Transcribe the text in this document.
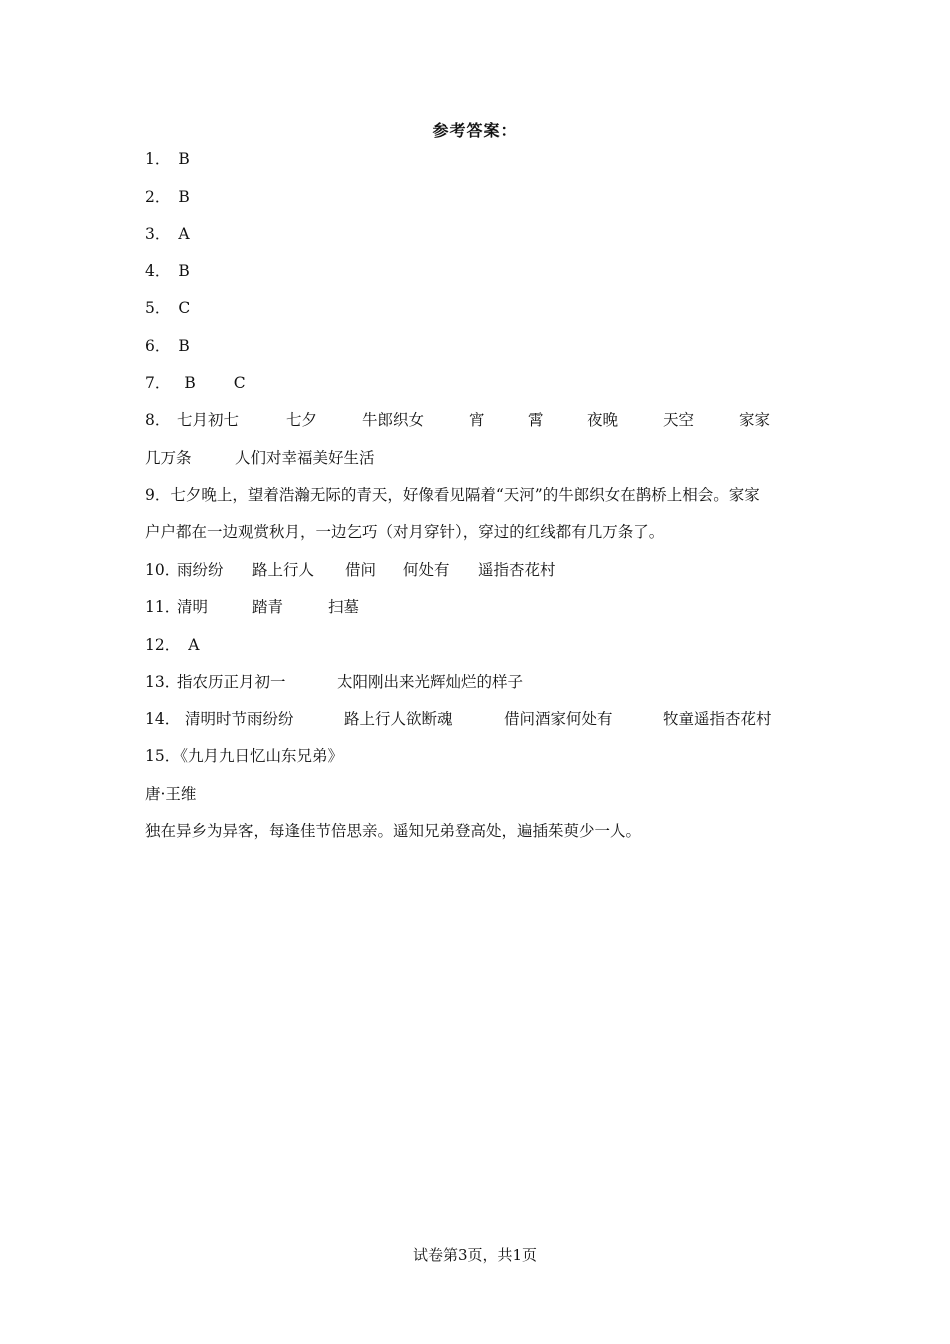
参考答案：
1． B
2． B
3． A
4． B
5． C
6． B
7． B C
8． 七月初七	七夕	牛郎织女	宵	霄	夜晚	天空	家家
几万条	人们对幸福美好生活
9．七夕晚上，望着浩瀚无际的青天，好像看见隔着“天河”的牛郎织女在鹊桥上相会。家家
户户都在一边观赏秋月，一边乞巧（对月穿针），穿过的红线都有几万条了。
10．
雨纷纷 路上行人 借问 何处有 遥指杏花村
11．
清明	踏青	扫墓
12． A
13．
指农历正月初一	太阳刚出来光辉灿烂的样子
14． 清明时节雨纷纷	路上行人欲断魂	借问酒家何处有	牧童遥指杏花村
15．《九月九日忆山东兄弟》
唐·王维
独在异乡为异客，每逢佳节倍思亲。遥知兄弟登高处，遍插茱萸少一人。
试卷第3页，共1页
